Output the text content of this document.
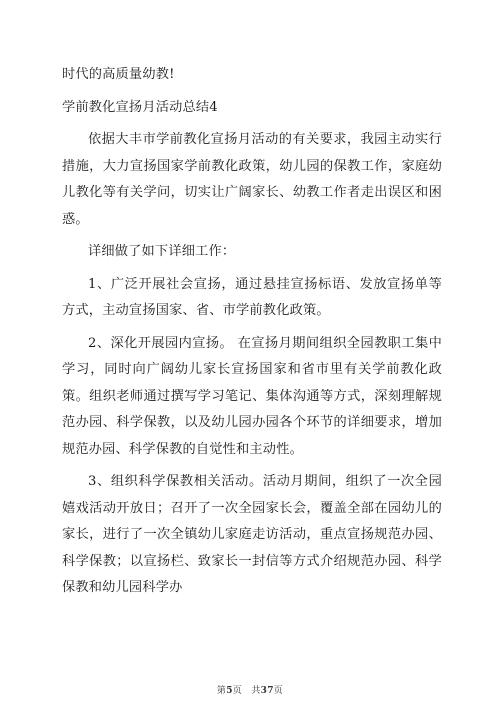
时代的高质量幼教!

学前教化宣扬月活动总结4

依据大丰市学前教化宣扬月活动的有关要求，我园主动实行措施，大力宣扬国家学前教化政策，幼儿园的保教工作，家庭幼儿教化等有关学问，切实让广阔家长、幼教工作者走出误区和困惑。

详细做了如下详细工作：

1、广泛开展社会宣扬，通过悬挂宣扬标语、发放宣扬单等方式，主动宣扬国家、省、市学前教化政策。

2、深化开展园内宣扬。 在宣扬月期间组织全园教职工集中学习，同时向广阔幼儿家长宣扬国家和省市里有关学前教化政策。组织老师通过撰写学习笔记、集体沟通等方式，深刻理解规范办园、科学保教，以及幼儿园办园各个环节的详细要求，增加规范办园、科学保教的自觉性和主动性。

3、组织科学保教相关活动。活动月期间，组织了一次全园嬉戏活动开放日；召开了一次全园家长会，覆盖全部在园幼儿的家长，进行了一次全镇幼儿家庭走访活动，重点宣扬规范办园、科学保教；以宣扬栏、致家长一封信等方式介绍规范办园、科学保教和幼儿园科学办

第5页　共37页
